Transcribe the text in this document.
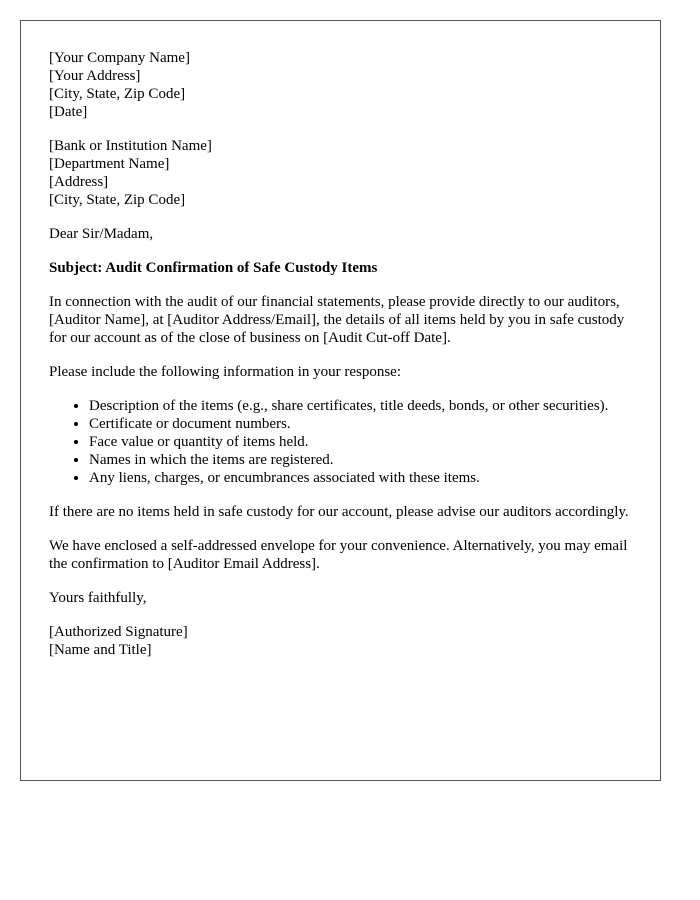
[Your Company Name]
[Your Address]
[City, State, Zip Code]
[Date]
[Bank or Institution Name]
[Department Name]
[Address]
[City, State, Zip Code]

Dear Sir/Madam,

Subject: Audit Confirmation of Safe Custody Items

In connection with the audit of our financial statements, please provide directly to our auditors, [Auditor Name], at [Auditor Address/Email], the details of all items held by you in safe custody for our account as of the close of business on [Audit Cut-off Date].

Please include the following information in your response:

• Description of the items (e.g., share certificates, title deeds, bonds, or other securities).
• Certificate or document numbers.
• Face value or quantity of items held.
• Names in which the items are registered.
• Any liens, charges, or encumbrances associated with these items.

If there are no items held in safe custody for our account, please advise our auditors accordingly.

We have enclosed a self-addressed envelope for your convenience. Alternatively, you may email the confirmation to [Auditor Email Address].

Yours faithfully,

[Authorized Signature]
[Name and Title]
